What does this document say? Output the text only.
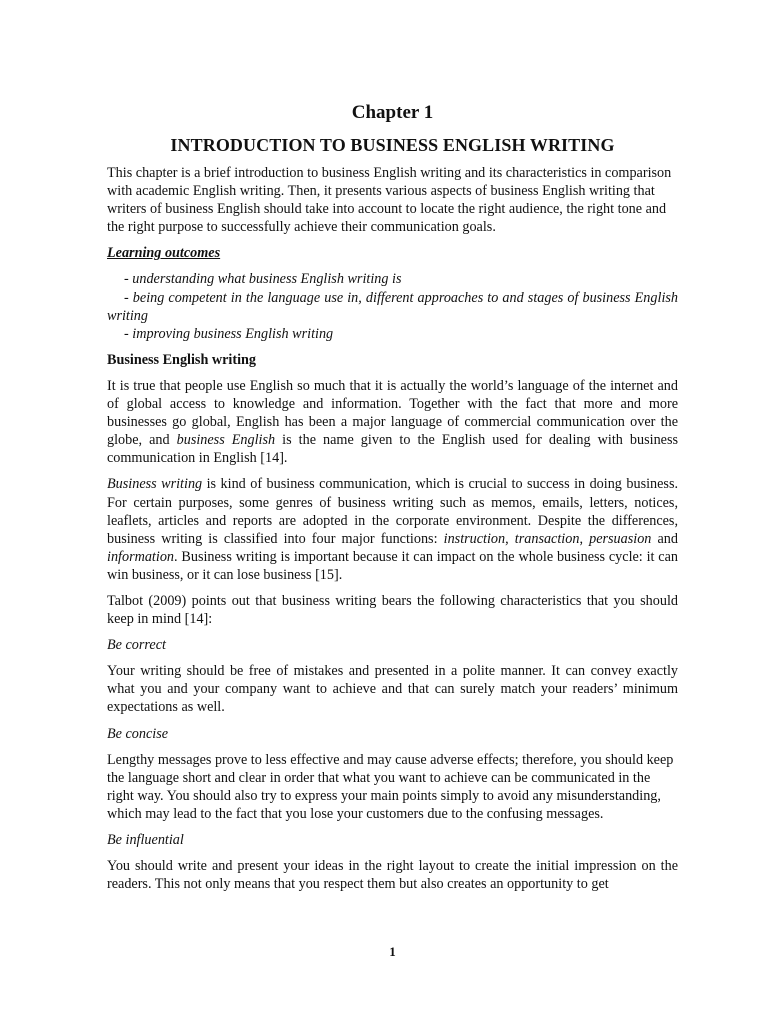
Chapter 1
INTRODUCTION TO BUSINESS ENGLISH WRITING

This chapter is a brief introduction to business English writing and its characteristics in comparison with academic English writing. Then, it presents various aspects of business English writing that writers of business English should take into account to locate the right audience, the right tone and the right purpose to successfully achieve their communication goals.

Learning outcomes
- understanding what business English writing is
- being competent in the language use in, different approaches to and stages of business English writing
- improving business English writing
Business English writing

It is true that people use English so much that it is actually the world’s language of the internet and of global access to knowledge and information. Together with the fact that more and more businesses go global, English has been a major language of commercial communication over the globe, and business English is the name given to the English used for dealing with business communication in English [14].

Business writing is kind of business communication, which is crucial to success in doing business. For certain purposes, some genres of business writing such as memos, emails, letters, notices, leaflets, articles and reports are adopted in the corporate environment. Despite the differences, business writing is classified into four major functions: instruction, transaction, persuasion and information. Business writing is important because it can impact on the whole business cycle: it can win business, or it can lose business [15].

Talbot (2009) points out that business writing bears the following characteristics that you should keep in mind [14]:

Be correct

Your writing should be free of mistakes and presented in a polite manner. It can convey exactly what you and your company want to achieve and that can surely match your readers’ minimum expectations as well.

Be concise

Lengthy messages prove to less effective and may cause adverse effects; therefore, you should keep the language short and clear in order that what you want to achieve can be communicated in the right way. You should also try to express your main points simply to avoid any misunderstanding, which may lead to the fact that you lose your customers due to the confusing messages.

Be influential

You should write and present your ideas in the right layout to create the initial impression on the readers. This not only means that you respect them but also creates an opportunity to get

1
